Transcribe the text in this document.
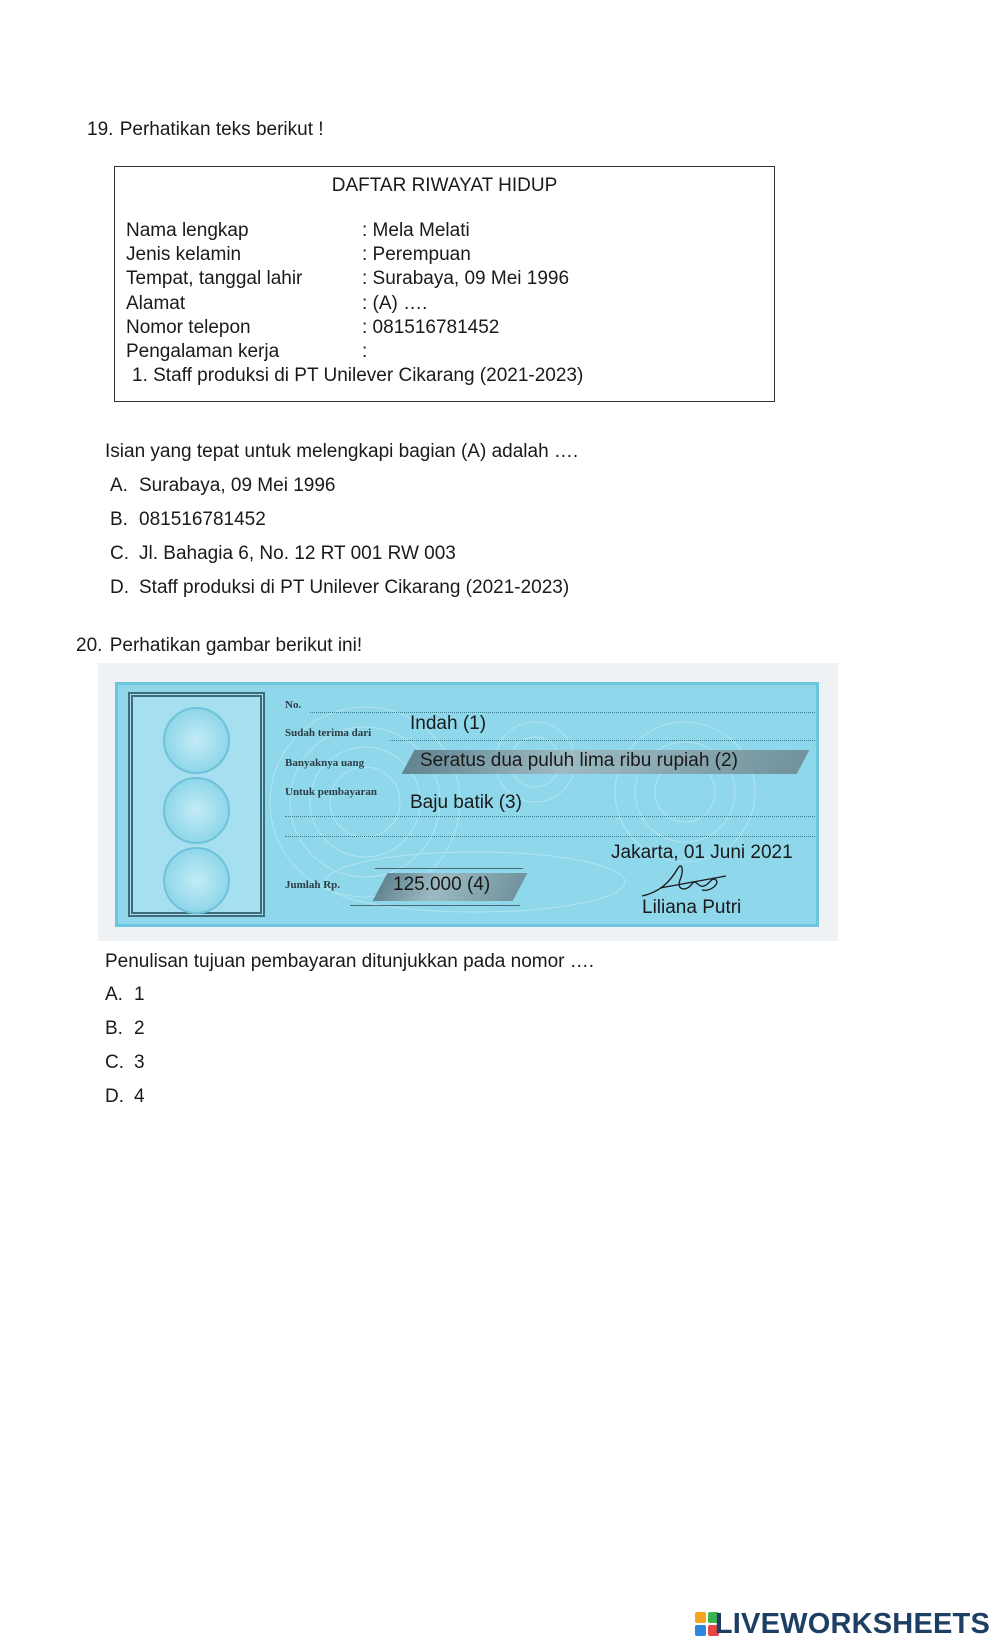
19. Perhatikan teks berikut !
DAFTAR RIWAYAT HIDUP
Nama lengkap	: Mela Melati
Jenis kelamin	: Perempuan
Tempat, tanggal lahir	: Surabaya, 09 Mei 1996
Alamat	: (A) ….
Nomor telepon	: 081516781452
Pengalaman kerja	:
1. Staff produksi di PT Unilever Cikarang (2021-2023)
Isian yang tepat untuk melengkapi bagian (A) adalah ….
A. Surabaya, 09 Mei 1996
B. 081516781452
C. Jl. Bahagia 6, No. 12 RT 001 RW 003
D. Staff produksi di PT Unilever Cikarang (2021-2023)
20. Perhatikan gambar berikut ini!
No.
Sudah terima dari Indah (1)
Banyaknya uang	Seratus dua puluh lima ribu rupiah (2)
Untuk pembayaran Baju batik (3)
Jakarta, 01 Juni 2021
Jumlah Rp.	125.000 (4)
Liliana Putri
Penulisan tujuan pembayaran ditunjukkan pada nomor ….
A. 1
B. 2
C. 3
D. 4
LIVEWORKSHEETS
